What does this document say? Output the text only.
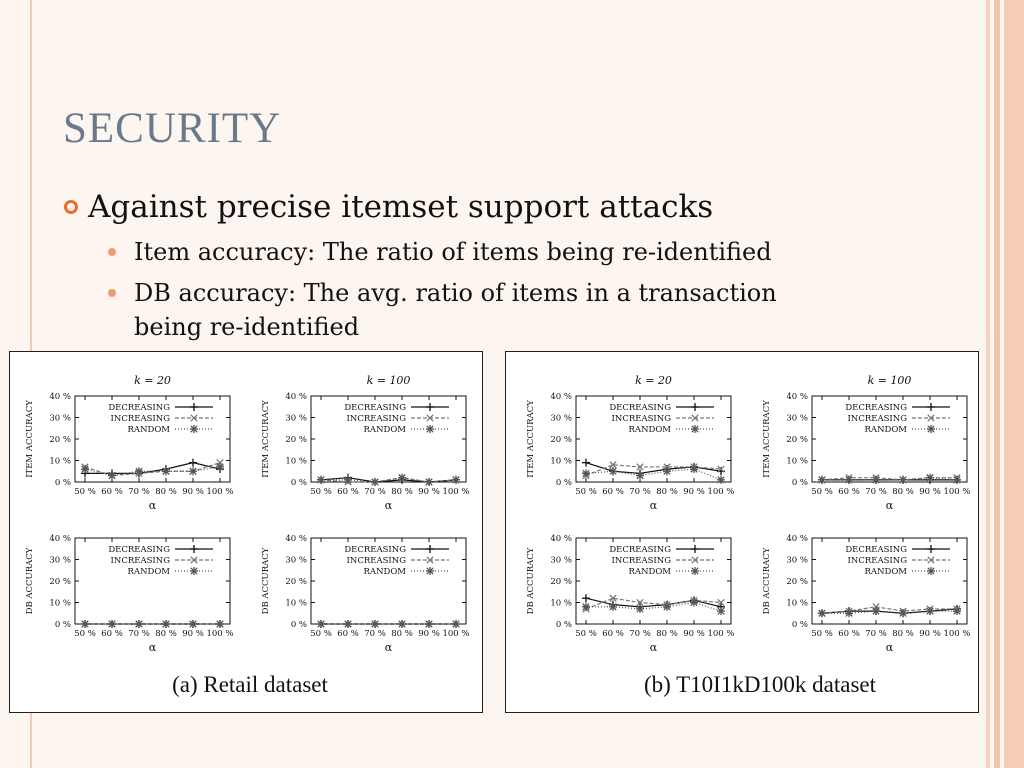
SECURITY
Against precise itemset support attacks
Item accuracy: The ratio of items being re-identified
DB accuracy: The avg. ratio of items in a transaction being re-identified
k = 20
0 %
10 %
20 %
30 %
40 %
50 % 60 % 70 % 80 % 90 % 100 %
α
ITEM ACCURACY	DECREASING
INCREASING
RANDOM
k = 100
0 %
10 %
20 %
30 %
40 %
50 % 60 % 70 % 80 % 90 % 100 %
α
ITEM ACCURACY	DECREASING
INCREASING
RANDOM
0 %
10 %
20 %
30 %
40 %
50 % 60 % 70 % 80 % 90 % 100 %
α
DB ACCURACY	DECREASING
INCREASING
RANDOM
0 %
10 %
20 %
30 %
40 %
50 % 60 % 70 % 80 % 90 % 100 %
α
DB ACCURACY	DECREASING
INCREASING
RANDOM
k = 20
0 %
10 %
20 %
30 %
40 %
50 % 60 % 70 % 80 % 90 % 100 %
α
ITEM ACCURACY	DECREASING
INCREASING
RANDOM
k = 100
0 %
10 %
20 %
30 %
40 %
50 % 60 % 70 % 80 % 90 % 100 %
α
ITEM ACCURACY	DECREASING
INCREASING
RANDOM
0 %
10 %
20 %
30 %
40 %
50 % 60 % 70 % 80 % 90 % 100 %
α
DB ACCURACY	DECREASING
INCREASING
RANDOM
0 %
10 %
20 %
30 %
40 %
50 % 60 % 70 % 80 % 90 % 100 %
α
DB ACCURACY	DECREASING
INCREASING
RANDOM
(a) Retail dataset	(b) T10I1kD100k dataset
